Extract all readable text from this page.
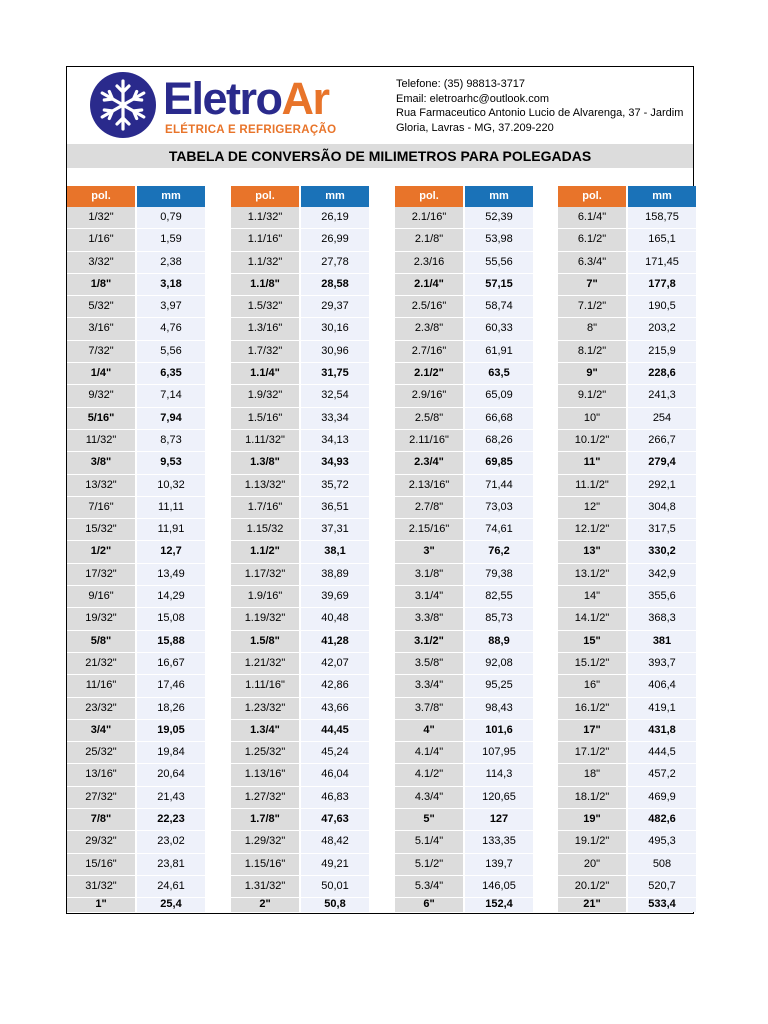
EletroAr
ELÉTRICA E REFRIGERAÇÃO
Telefone: (35) 98813-3717
Email: eletroarhc@outlook.com
Rua Farmaceutico Antonio Lucio de Alvarenga, 37 - Jardim
Gloria, Lavras - MG, 37.209-220
TABELA DE CONVERSÃO DE MILIMETROS PARA POLEGADAS
pol.	mm
1/32"	0,79
1/16"	1,59
3/32"	2,38
1/8"	3,18
5/32"	3,97
3/16"	4,76
7/32"	5,56
1/4"	6,35
9/32"	7,14
5/16"	7,94
11/32"	8,73
3/8"	9,53
13/32"	10,32
7/16"	11,11
15/32"	11,91
1/2"	12,7
17/32"	13,49
9/16"	14,29
19/32"	15,08
5/8"	15,88
21/32"	16,67
11/16"	17,46
23/32"	18,26
3/4"	19,05
25/32"	19,84
13/16"	20,64
27/32"	21,43
7/8"	22,23
29/32"	23,02
15/16"	23,81
31/32"	24,61
1"	25,4
pol.	mm
1.1/32"	26,19
1.1/16"	26,99
1.1/32"	27,78
1.1/8"	28,58
1.5/32"	29,37
1.3/16"	30,16
1.7/32"	30,96
1.1/4"	31,75
1.9/32"	32,54
1.5/16"	33,34
1.11/32"	34,13
1.3/8"	34,93
1.13/32"	35,72
1.7/16"	36,51
1.15/32	37,31
1.1/2"	38,1
1.17/32"	38,89
1.9/16"	39,69
1.19/32"	40,48
1.5/8"	41,28
1.21/32"	42,07
1.11/16"	42,86
1.23/32"	43,66
1.3/4"	44,45
1.25/32"	45,24
1.13/16"	46,04
1.27/32"	46,83
1.7/8"	47,63
1.29/32"	48,42
1.15/16"	49,21
1.31/32"	50,01
2"	50,8
pol.	mm
2.1/16"	52,39
2.1/8"	53,98
2.3/16	55,56
2.1/4"	57,15
2.5/16"	58,74
2.3/8"	60,33
2.7/16"	61,91
2.1/2"	63,5
2.9/16"	65,09
2.5/8"	66,68
2.11/16"	68,26
2.3/4"	69,85
2.13/16"	71,44
2.7/8"	73,03
2.15/16"	74,61
3"	76,2
3.1/8"	79,38
3.1/4"	82,55
3.3/8"	85,73
3.1/2"	88,9
3.5/8"	92,08
3.3/4"	95,25
3.7/8"	98,43
4"	101,6
4.1/4"	107,95
4.1/2"	114,3
4.3/4"	120,65
5"	127
5.1/4"	133,35
5.1/2"	139,7
5.3/4"	146,05
6"	152,4
pol.	mm
6.1/4"	158,75
6.1/2"	165,1
6.3/4"	171,45
7"	177,8
7.1/2"	190,5
8"	203,2
8.1/2"	215,9
9"	228,6
9.1/2"	241,3
10"	254
10.1/2"	266,7
11"	279,4
11.1/2"	292,1
12"	304,8
12.1/2"	317,5
13"	330,2
13.1/2"	342,9
14"	355,6
14.1/2"	368,3
15"	381
15.1/2"	393,7
16"	406,4
16.1/2"	419,1
17"	431,8
17.1/2"	444,5
18"	457,2
18.1/2"	469,9
19"	482,6
19.1/2"	495,3
20"	508
20.1/2"	520,7
21"	533,4
